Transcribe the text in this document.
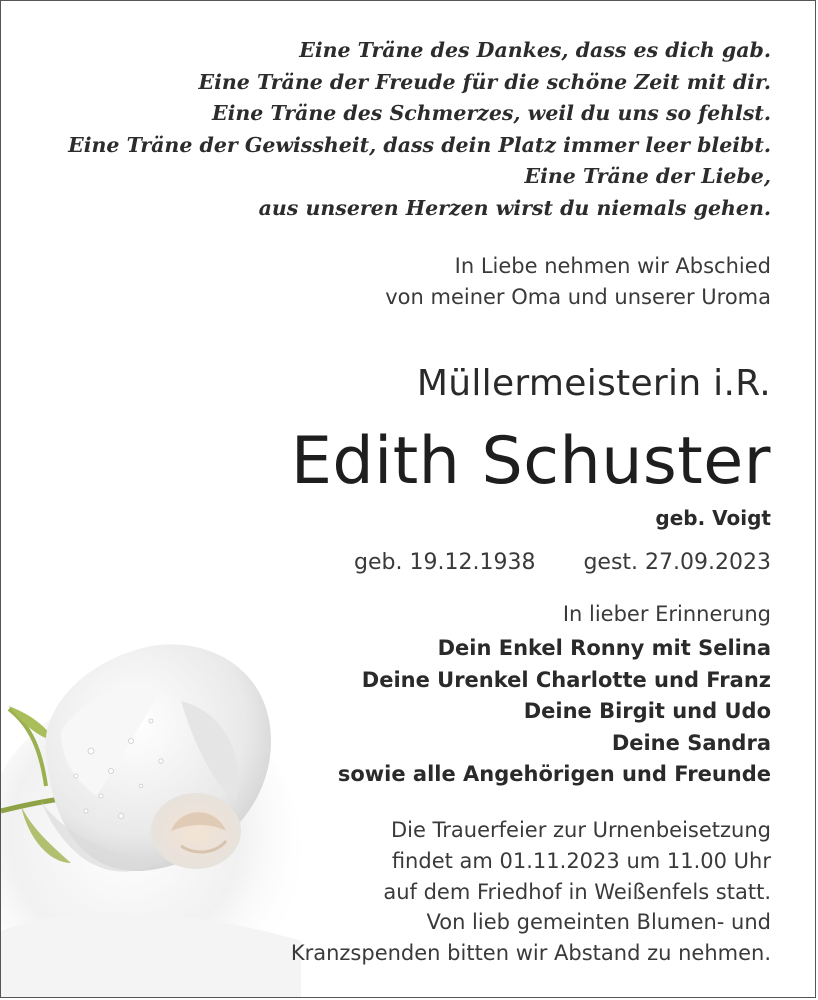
Eine Träne des Dankes, dass es dich gab.
Eine Träne der Freude für die schöne Zeit mit dir.
Eine Träne des Schmerzes, weil du uns so fehlst.
Eine Träne der Gewissheit, dass dein Platz immer leer bleibt.
Eine Träne der Liebe,
aus unseren Herzen wirst du niemals gehen.
In Liebe nehmen wir Abschied
von meiner Oma und unserer Uroma
Müllermeisterin i.R.
Edith Schuster
geb. Voigt
geb. 19.12.1938 gest. 27.09.2023
In lieber Erinnerung
Dein Enkel Ronny mit Selina
Deine Urenkel Charlotte und Franz
Deine Birgit und Udo
Deine Sandra
sowie alle Angehörigen und Freunde
Die Trauerfeier zur Urnenbeisetzung
findet am 01.11.2023 um 11.00 Uhr
auf dem Friedhof in Weißenfels statt.
Von lieb gemeinten Blumen- und
Kranzspenden bitten wir Abstand zu nehmen.
